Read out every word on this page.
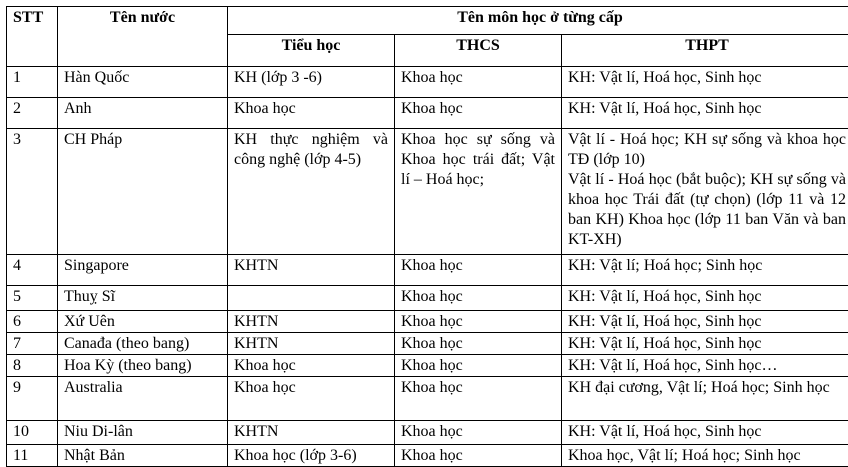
STT	Tên nước	Tên môn học ở từng cấp		
		Tiểu học	THCS	THPT
1	Hàn Quốc	KH (lớp 3 -6)	Khoa học	KH: Vật lí, Hoá học, Sinh học
2	Anh	Khoa học	Khoa học	KH: Vật lí, Hoá học, Sinh học
3	CH Pháp	KH thực nghiệm và công nghệ (lớp 4-5)	Khoa học sự sống và Khoa học trái đất; Vật lí – Hoá học;	Vật lí - Hoá học; KH sự sống và khoa học TĐ (lớp 10)
Vật lí - Hoá học (bắt buộc); KH sự sống và khoa học Trái đất (tự chọn) (lớp 11 và 12 ban KH) Khoa học (lớp 11 ban Văn và ban KT-XH)

4	Singapore	KHTN	Khoa học	KH: Vật lí; Hoá học; Sinh học
5	Thuỵ Sĩ		Khoa học	KH: Vật lí, Hoá học, Sinh học
6	Xứ Uên	KHTN	Khoa học	KH: Vật lí, Hoá học, Sinh học
7	Canađa (theo bang)	KHTN	Khoa học	KH: Vật lí, Hoá học, Sinh học
8	Hoa Kỳ (theo bang)	Khoa học	Khoa học	KH: Vật lí, Hoá học, Sinh học…
9	Australia	Khoa học	Khoa học	KH đại cương, Vật lí; Hoá học; Sinh học
10	Niu Di-lân	KHTN	Khoa học	KH: Vật lí, Hoá học, Sinh học
11	Nhật Bản	Khoa học (lớp 3-6)	Khoa học	Khoa học, Vật lí; Hoá học; Sinh học
